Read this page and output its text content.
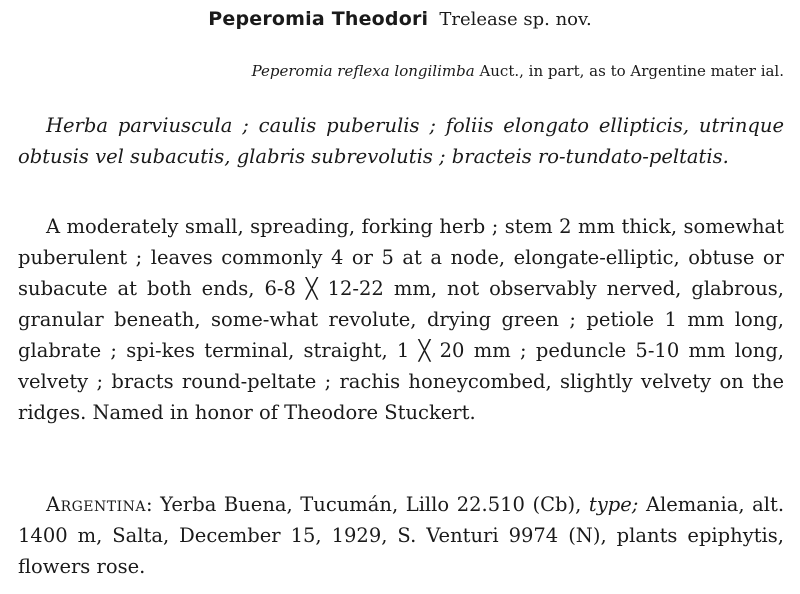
Peperomia Theodori Trelease sp. nov.
Peperomia reflexa longilimba Auct., in part, as to Argentine mater ial.

Herba parviuscula ; caulis puberulis ; foliis elongato ellipticis, utrinque obtusis vel subacutis, glabris subrevolutis ; bracteis ro-tundato-peltatis.

A moderately small, spreading, forking herb ; stem 2 mm thick, somewhat puberulent ; leaves commonly 4 or 5 at a node, elongate-elliptic, obtuse or subacute at both ends, 6-8 ╳ 12-22 mm, not observably nerved, glabrous, granular beneath, some-what revolute, drying green ; petiole 1 mm long, glabrate ; spi-kes terminal, straight, 1 ╳ 20 mm ; peduncle 5-10 mm long, velvety ; bracts round-peltate ; rachis honeycombed, slightly velvety on the ridges. Named in honor of Theodore Stuckert.

Argentina: Yerba Buena, Tucumán, Lillo 22.510 (Cb), type; Alemania, alt. 1400 m, Salta, December 15, 1929, S. Venturi 9974 (N), plants epiphytis, flowers rose.
